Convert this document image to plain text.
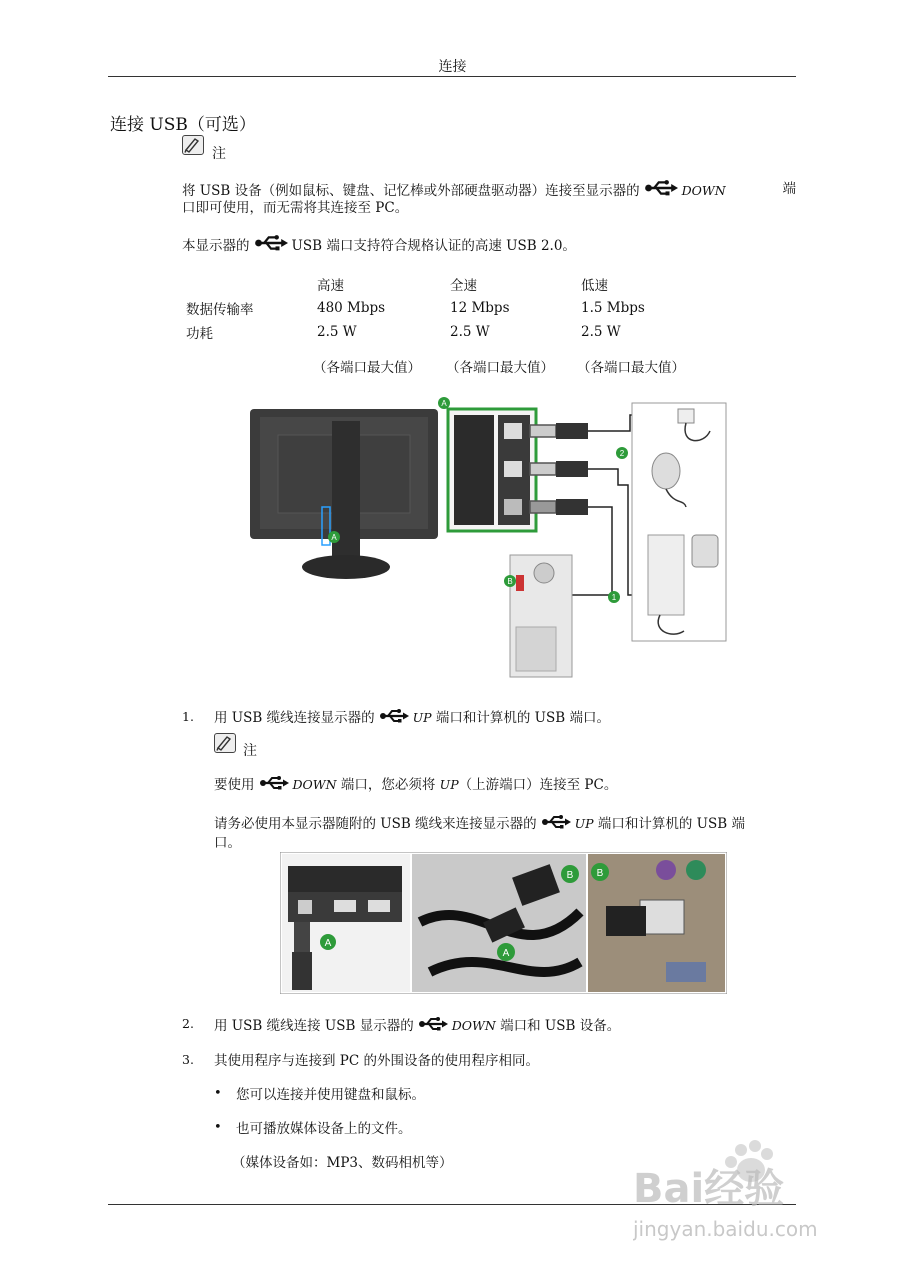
连接
连接 USB（可选）
注
将 USB 设备（例如鼠标、键盘、记忆棒或外部硬盘驱动器）连接至显示器的	DOWN	端
口即可使用，而无需将其连接至 PC。
本显示器的	USB 端口支持符合规格认证的高速 USB 2.0。
	高速	全速	低速
数据传输率	480 Mbps	12 Mbps	1.5 Mbps
功耗	2.5 W	2.5 W	2.5 W
	（各端口最大值）	（各端口最大值）	（各端口最大值）
A
A
B
1
2
1. 用 USB 缆线连接显示器的	UP 端口和计算机的 USB 端口。
注
要使用	DOWN 端口，您必须将 UP（上游端口）连接至 PC。
请务必使用本显示器随附的 USB 缆线来连接显示器的	UP 端口和计算机的 USB 端
口。
A
B
A
B
2. 用 USB 缆线连接 USB 显示器的	DOWN 端口和 USB 设备。
3. 其使用程序与连接到 PC 的外围设备的使用程序相同。
• 您可以连接并使用键盘和鼠标。
• 也可播放媒体设备上的文件。
（媒体设备如：MP3、数码相机等）
Bai经验
jingyan.baidu.com
